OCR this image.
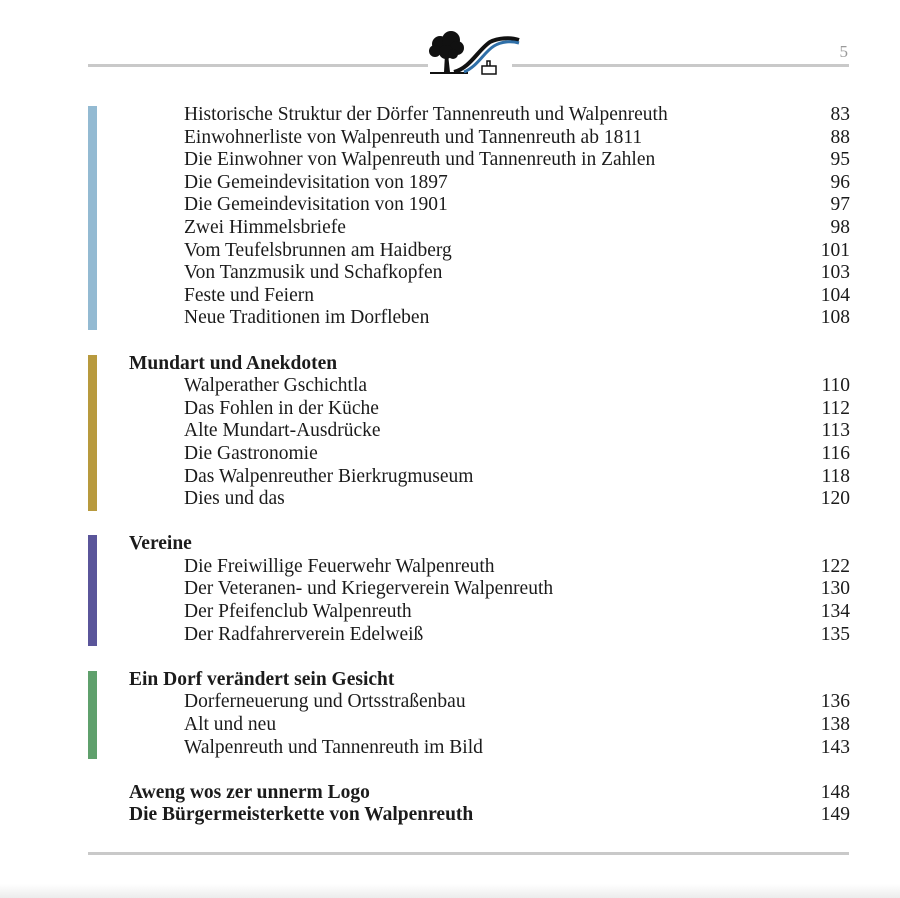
5
Historische Struktur der Dörfer Tannenreuth und Walpenreuth	83
Einwohnerliste von Walpenreuth und Tannenreuth ab 1811	88
Die Einwohner von Walpenreuth und Tannenreuth in Zahlen	95
Die Gemeindevisitation von 1897	96
Die Gemeindevisitation von 1901	97
Zwei Himmelsbriefe	98
Vom Teufelsbrunnen am Haidberg	101
Von Tanzmusik und Schafkopfen	103
Feste und Feiern	104
Neue Traditionen im Dorfleben	108
Mundart und Anekdoten
Walperather Gschichtla	110
Das Fohlen in der Küche	112
Alte Mundart-Ausdrücke	113
Die Gastronomie	116
Das Walpenreuther Bierkrugmuseum	118
Dies und das	120
Vereine
Die Freiwillige Feuerwehr Walpenreuth	122
Der Veteranen- und Kriegerverein Walpenreuth	130
Der Pfeifenclub Walpenreuth	134
Der Radfahrerverein Edelweiß	135
Ein Dorf verändert sein Gesicht
Dorferneuerung und Ortsstraßenbau	136
Alt und neu	138
Walpenreuth und Tannenreuth im Bild	143
Aweng wos zer unnerm Logo	148
Die Bürgermeisterkette von Walpenreuth	149
